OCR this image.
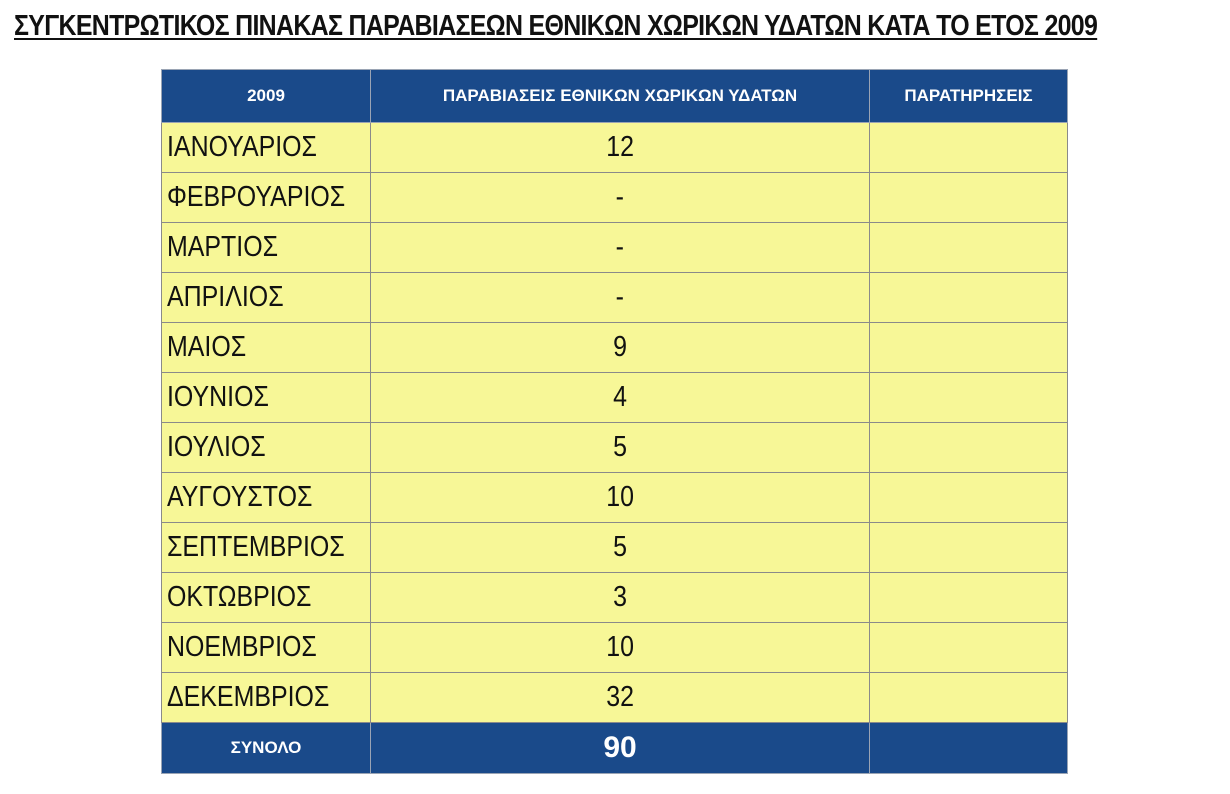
ΣΥΓΚΕΝΤΡΩΤΙΚΟΣ ΠΙΝΑΚΑΣ ΠΑΡΑΒΙΑΣΕΩΝ ΕΘΝΙΚΩΝ ΧΩΡΙΚΩΝ ΥΔΑΤΩΝ ΚΑΤΑ ΤΟ ΕΤΟΣ 2009
2009	ΠΑΡΑΒΙΑΣΕΙΣ ΕΘΝΙΚΩΝ ΧΩΡΙΚΩΝ ΥΔΑΤΩΝ	ΠΑΡΑΤΗΡΗΣΕΙΣ
ΙΑΝΟΥΑΡΙΟΣ	12	
ΦΕΒΡΟΥΑΡΙΟΣ	-	
ΜΑΡΤΙΟΣ	-	
ΑΠΡΙΛΙΟΣ	-	
ΜΑΙΟΣ	9	
ΙΟΥΝΙΟΣ	4	
ΙΟΥΛΙΟΣ	5	
ΑΥΓΟΥΣΤΟΣ	10	
ΣΕΠΤΕΜΒΡΙΟΣ	5	
ΟΚΤΩΒΡΙΟΣ	3	
ΝΟΕΜΒΡΙΟΣ	10	
ΔΕΚΕΜΒΡΙΟΣ	32	
ΣΥΝΟΛΟ	90	
